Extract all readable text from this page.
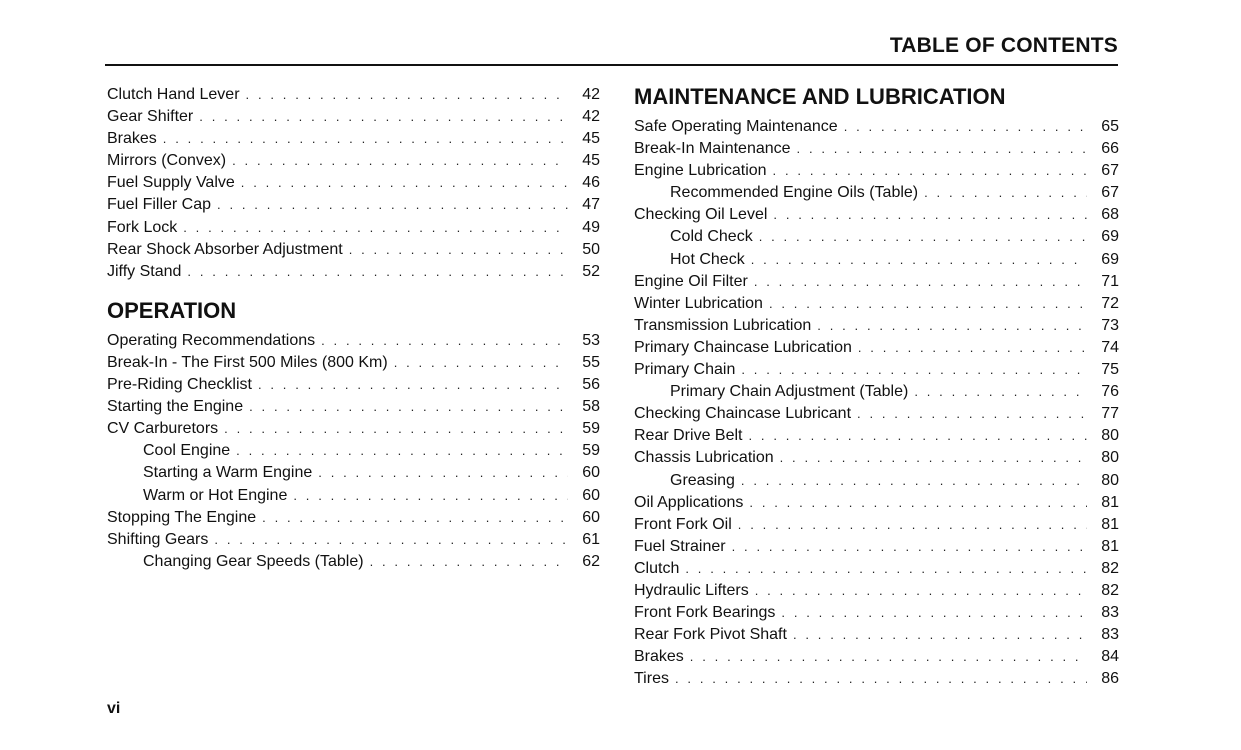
TABLE OF CONTENTS
Clutch Hand Lever . . .	42
Gear Shifter . . .	42
Brakes . . .	45
Mirrors (Convex) . . .	45
Fuel Supply Valve . . .	46
Fuel Filler Cap . . .	47
Fork Lock . . .	49
Rear Shock Absorber Adjustment . . .	50
Jiffy Stand . . .	52
OPERATION
Operating Recommendations . . .	53
Break-In - The First 500 Miles (800 Km) . . .	55
Pre-Riding Checklist . . .	56
Starting the Engine . . .	58
CV Carburetors . . .	59
Cool Engine . . .	59
Starting a Warm Engine . . .	60
Warm or Hot Engine . . .	60
Stopping The Engine . . .	60
Shifting Gears . . .	61
Changing Gear Speeds (Table) . . .	62
MAINTENANCE AND LUBRICATION
Safe Operating Maintenance . . .	65
Break-In Maintenance . . .	66
Engine Lubrication . . .	67
Recommended Engine Oils (Table) . . .	67
Checking Oil Level . . .	68
Cold Check . . .	69
Hot Check . . .	69
Engine Oil Filter . . .	71
Winter Lubrication . . .	72
Transmission Lubrication . . .	73
Primary Chaincase Lubrication . . .	74
Primary Chain . . .	75
Primary Chain Adjustment (Table) . . .	76
Checking Chaincase Lubricant . . .	77
Rear Drive Belt . . .	80
Chassis Lubrication . . .	80
Greasing . . .	80
Oil Applications . . .	81
Front Fork Oil . . .	81
Fuel Strainer . . .	81
Clutch . . .	82
Hydraulic Lifters . . .	82
Front Fork Bearings . . .	83
Rear Fork Pivot Shaft . . .	83
Brakes . . .	84
Tires . . .	86
vi
